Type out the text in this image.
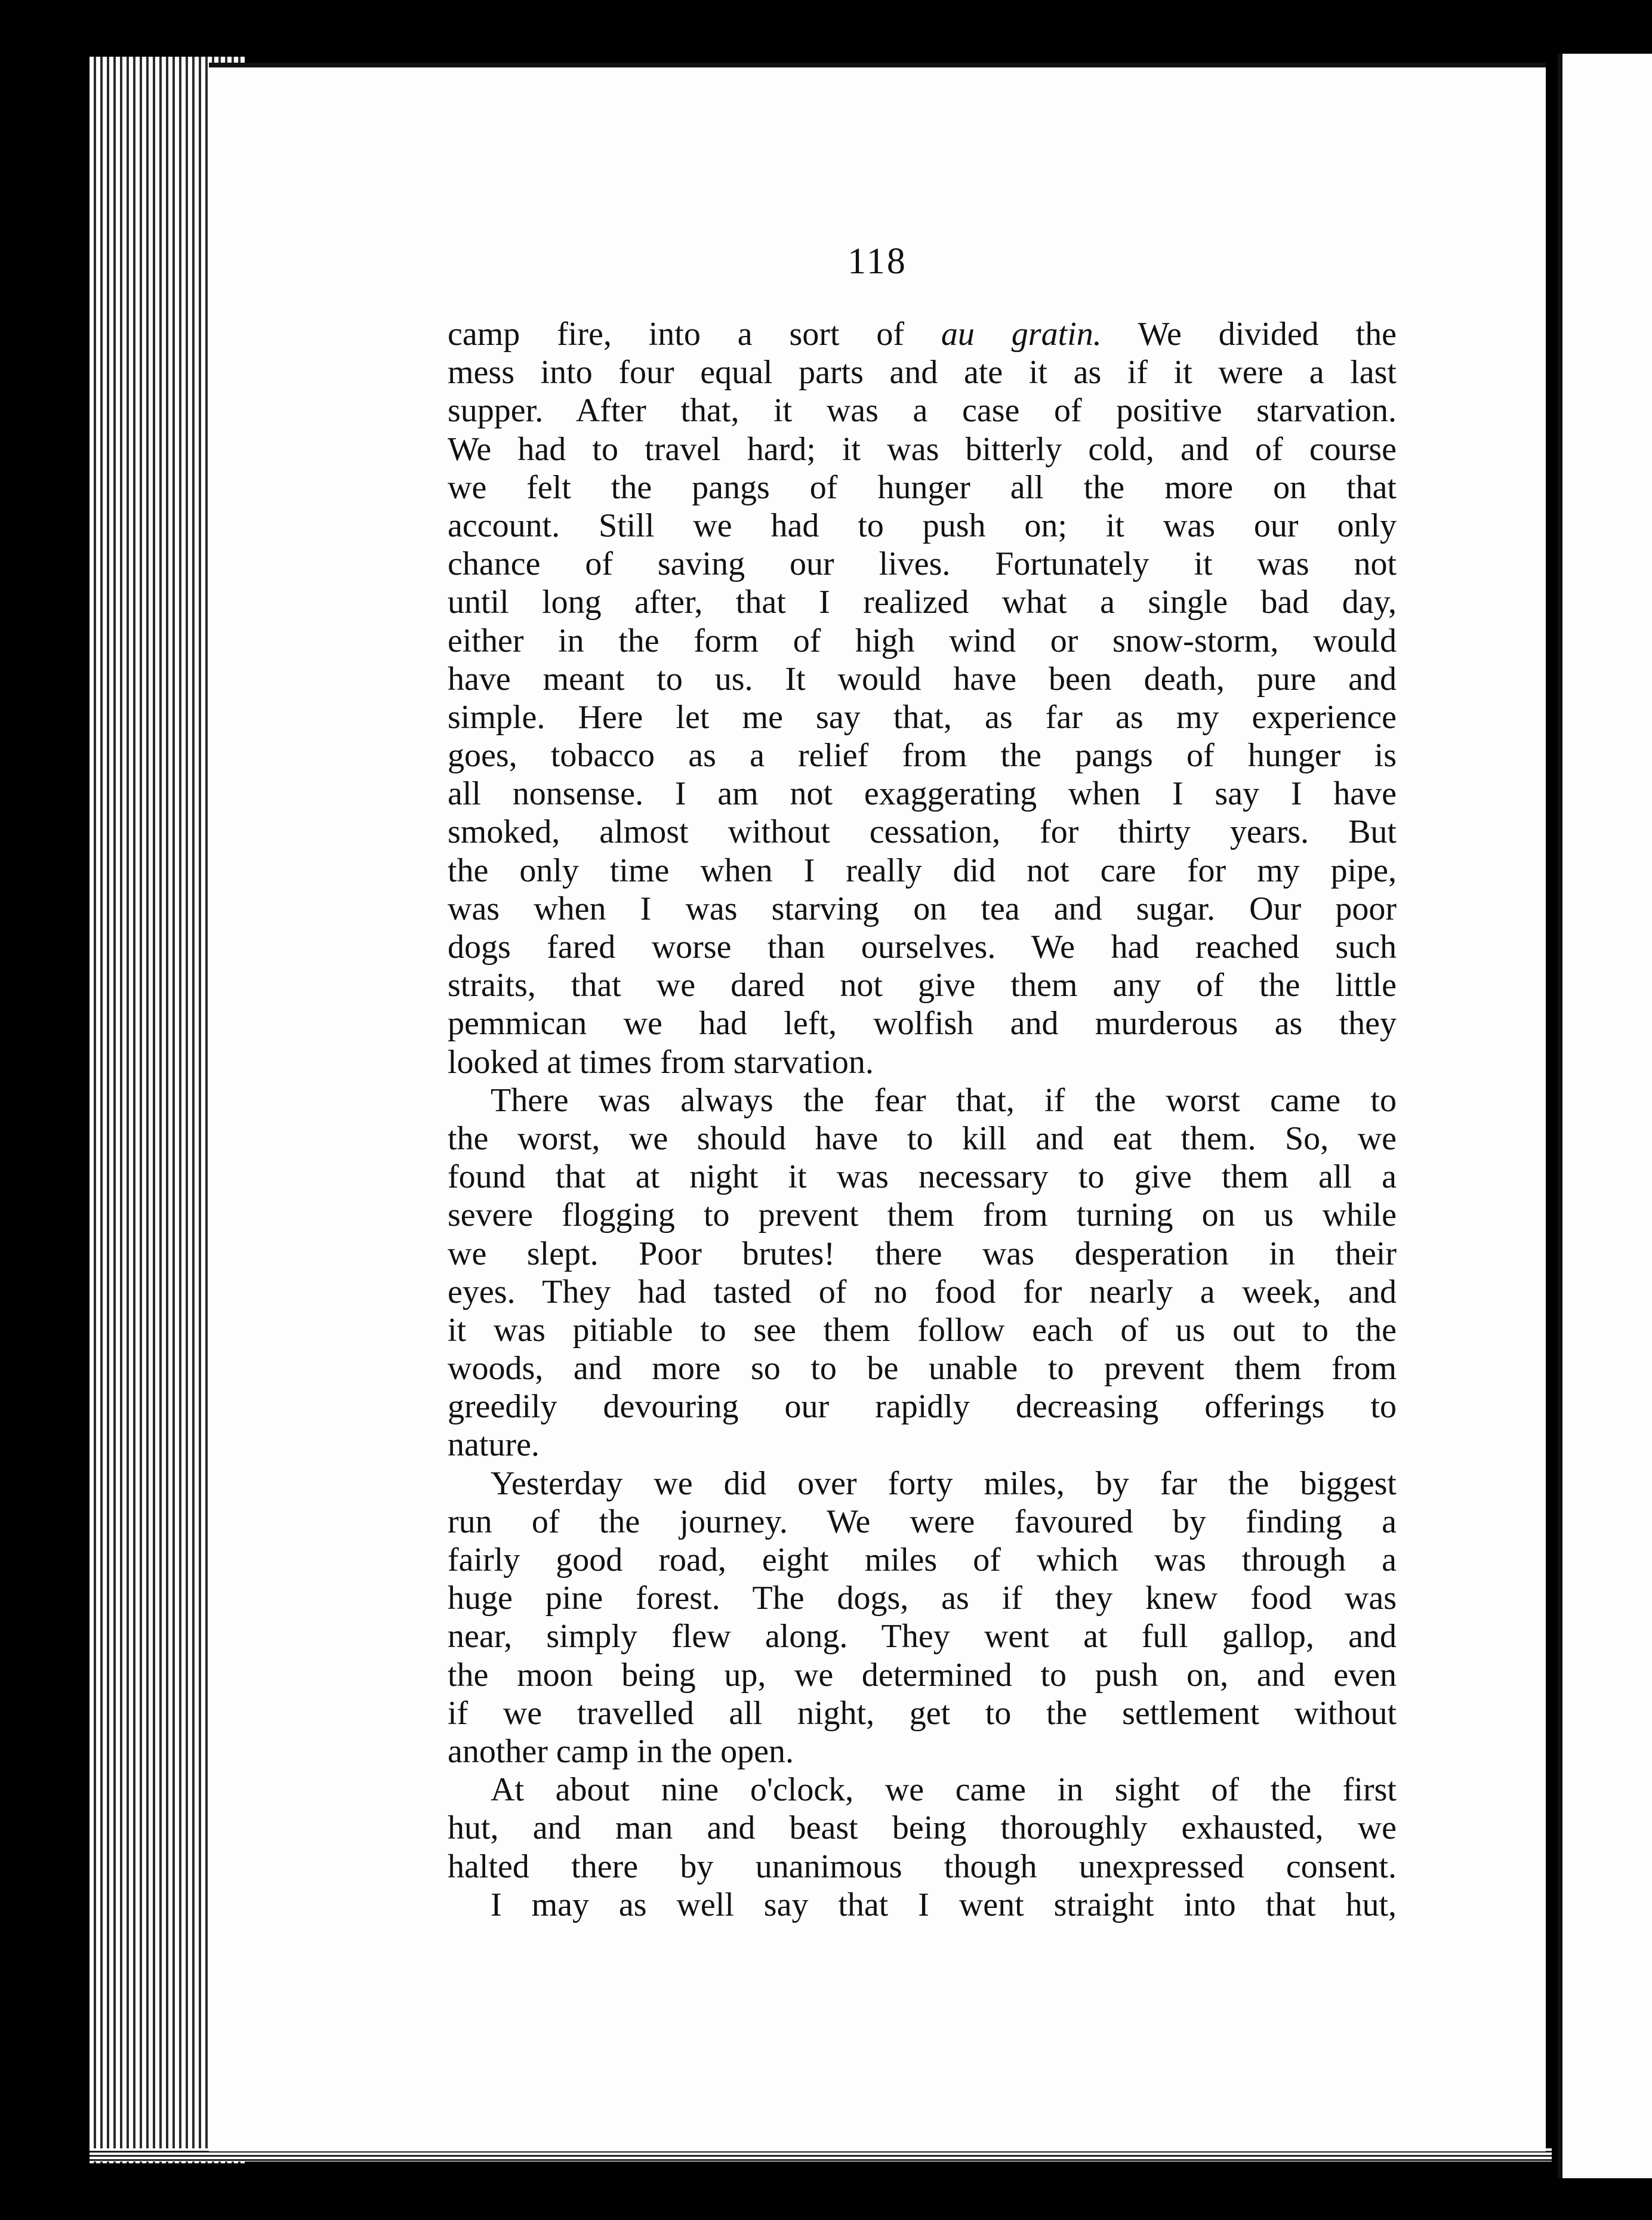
118
camp fire, into a sort of au gratin. We divided the
mess into four equal parts and ate it as if it were a last
supper. After that, it was a case of positive starvation.
We had to travel hard; it was bitterly cold, and of course
we felt the pangs of hunger all the more on that
account. Still we had to push on; it was our only
chance of saving our lives. Fortunately it was not
until long after, that I realized what a single bad day,
either in the form of high wind or snow-storm, would
have meant to us. It would have been death, pure and
simple. Here let me say that, as far as my experience
goes, tobacco as a relief from the pangs of hunger is
all nonsense. I am not exaggerating when I say I have
smoked, almost without cessation, for thirty years. But
the only time when I really did not care for my pipe,
was when I was starving on tea and sugar. Our poor
dogs fared worse than ourselves. We had reached such
straits, that we dared not give them any of the little
pemmican we had left, wolfish and murderous as they
looked at times from starvation.
There was always the fear that, if the worst came to
the worst, we should have to kill and eat them. So, we
found that at night it was necessary to give them all a
severe flogging to prevent them from turning on us while
we slept. Poor brutes! there was desperation in their
eyes. They had tasted of no food for nearly a week, and
it was pitiable to see them follow each of us out to the
woods, and more so to be unable to prevent them from
greedily devouring our rapidly decreasing offerings to
nature.
Yesterday we did over forty miles, by far the biggest
run of the journey. We were favoured by finding a
fairly good road, eight miles of which was through a
huge pine forest. The dogs, as if they knew food was
near, simply flew along. They went at full gallop, and
the moon being up, we determined to push on, and even
if we travelled all night, get to the settlement without
another camp in the open.
At about nine o'clock, we came in sight of the first
hut, and man and beast being thoroughly exhausted, we
halted there by unanimous though unexpressed consent.
I may as well say that I went straight into that hut,
